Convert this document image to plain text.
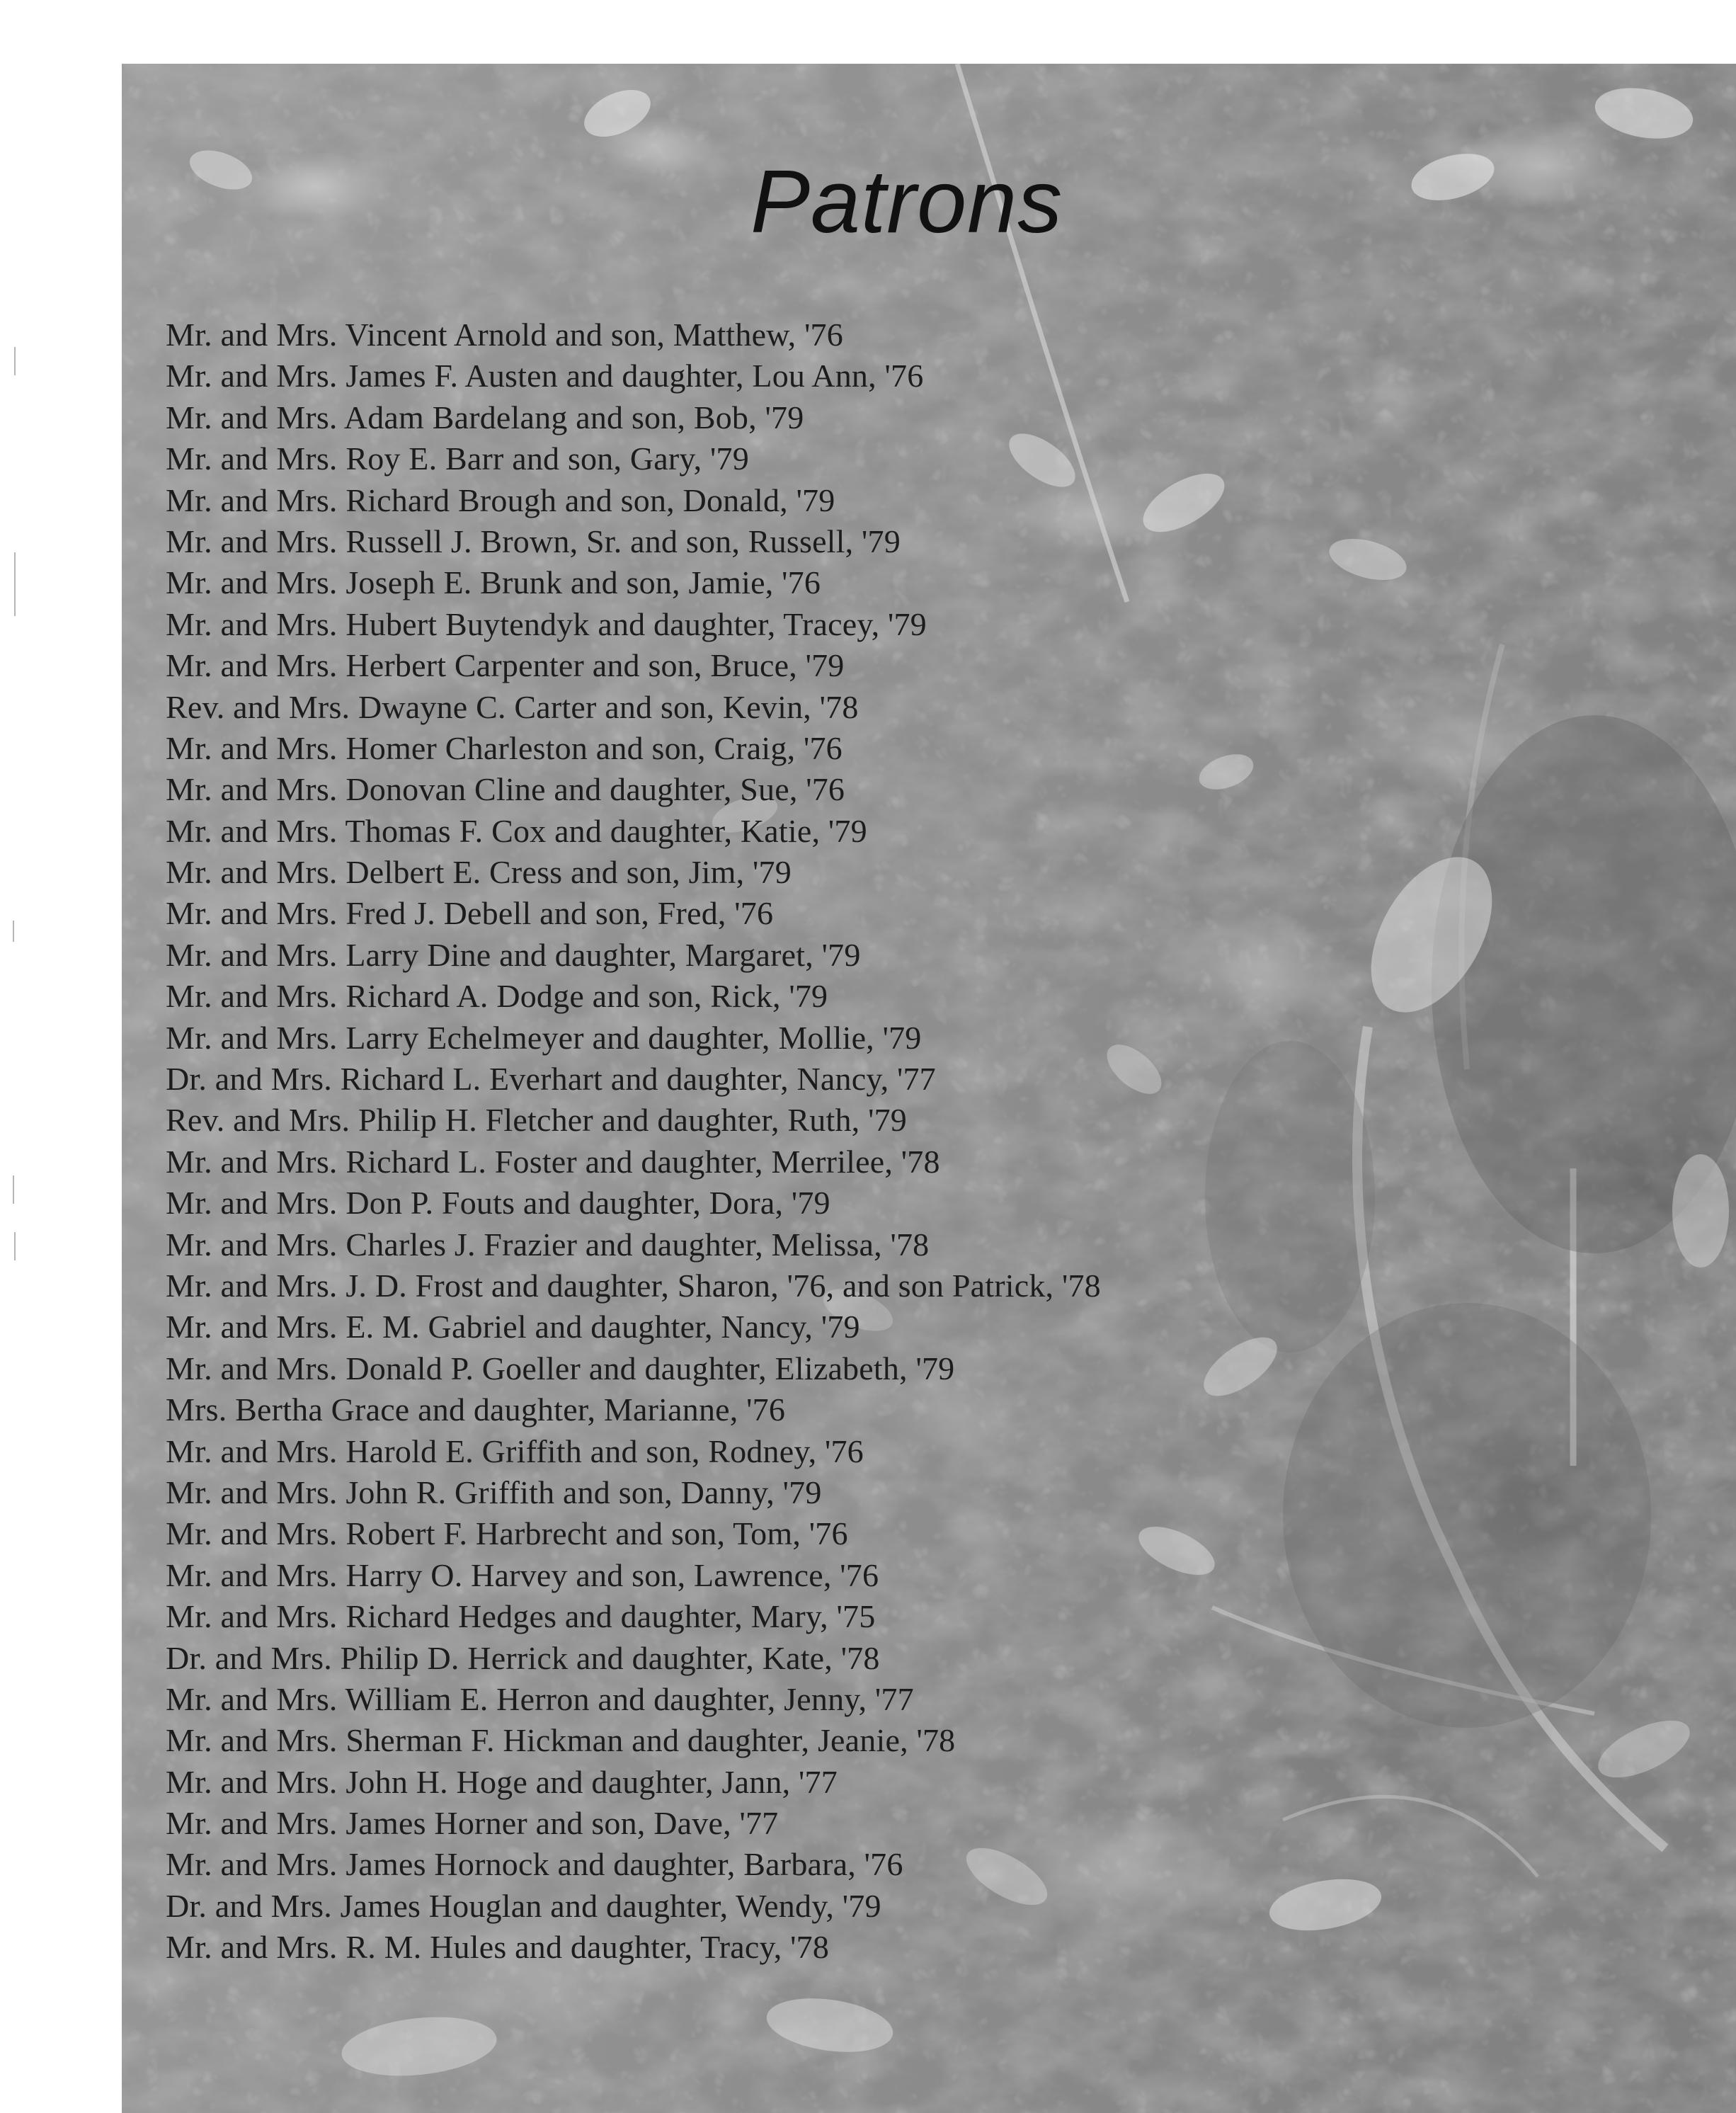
Patrons
Mr. and Mrs. Vincent Arnold and son, Matthew, '76
Mr. and Mrs. James F. Austen and daughter, Lou Ann, '76
Mr. and Mrs. Adam Bardelang and son, Bob, '79
Mr. and Mrs. Roy E. Barr and son, Gary, '79
Mr. and Mrs. Richard Brough and son, Donald, '79
Mr. and Mrs. Russell J. Brown, Sr. and son, Russell, '79
Mr. and Mrs. Joseph E. Brunk and son, Jamie, '76
Mr. and Mrs. Hubert Buytendyk and daughter, Tracey, '79
Mr. and Mrs. Herbert Carpenter and son, Bruce, '79
Rev. and Mrs. Dwayne C. Carter and son, Kevin, '78
Mr. and Mrs. Homer Charleston and son, Craig, '76
Mr. and Mrs. Donovan Cline and daughter, Sue, '76
Mr. and Mrs. Thomas F. Cox and daughter, Katie, '79
Mr. and Mrs. Delbert E. Cress and son, Jim, '79
Mr. and Mrs. Fred J. Debell and son, Fred, '76
Mr. and Mrs. Larry Dine and daughter, Margaret, '79
Mr. and Mrs. Richard A. Dodge and son, Rick, '79
Mr. and Mrs. Larry Echelmeyer and daughter, Mollie, '79
Dr. and Mrs. Richard L. Everhart and daughter, Nancy, '77
Rev. and Mrs. Philip H. Fletcher and daughter, Ruth, '79
Mr. and Mrs. Richard L. Foster and daughter, Merrilee, '78
Mr. and Mrs. Don P. Fouts and daughter, Dora, '79
Mr. and Mrs. Charles J. Frazier and daughter, Melissa, '78
Mr. and Mrs. J. D. Frost and daughter, Sharon, '76, and son Patrick, '78
Mr. and Mrs. E. M. Gabriel and daughter, Nancy, '79
Mr. and Mrs. Donald P. Goeller and daughter, Elizabeth, '79
Mrs. Bertha Grace and daughter, Marianne, '76
Mr. and Mrs. Harold E. Griffith and son, Rodney, '76
Mr. and Mrs. John R. Griffith and son, Danny, '79
Mr. and Mrs. Robert F. Harbrecht and son, Tom, '76
Mr. and Mrs. Harry O. Harvey and son, Lawrence, '76
Mr. and Mrs. Richard Hedges and daughter, Mary, '75
Dr. and Mrs. Philip D. Herrick and daughter, Kate, '78
Mr. and Mrs. William E. Herron and daughter, Jenny, '77
Mr. and Mrs. Sherman F. Hickman and daughter, Jeanie, '78
Mr. and Mrs. John H. Hoge and daughter, Jann, '77
Mr. and Mrs. James Horner and son, Dave, '77
Mr. and Mrs. James Hornock and daughter, Barbara, '76
Dr. and Mrs. James Houglan and daughter, Wendy, '79
Mr. and Mrs. R. M. Hules and daughter, Tracy, '78
